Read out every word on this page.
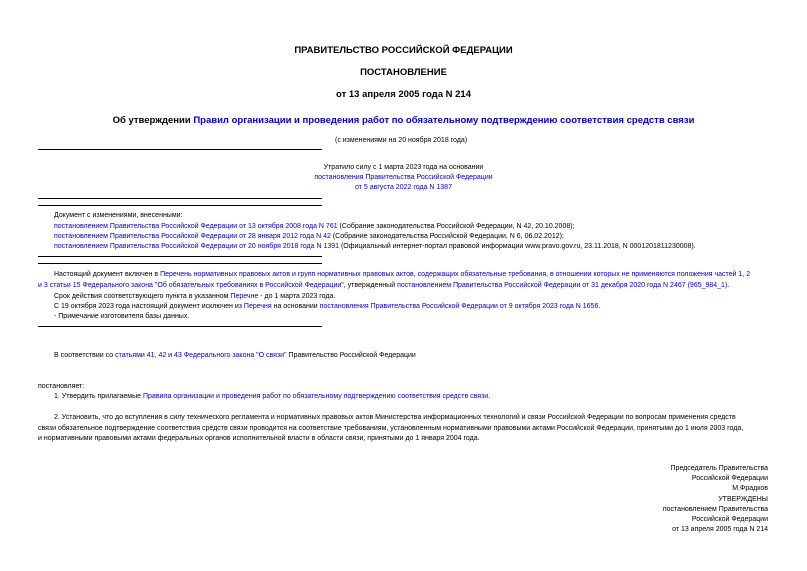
ПРАВИТЕЛЬСТВО РОССИЙСКОЙ ФЕДЕРАЦИИ
ПОСТАНОВЛЕНИЕ
от 13 апреля 2005 года N 214
Об утверждении Правил организации и проведения работ по обязательному подтверждению соответствия средств связи
(с изменениями на 20 ноября 2018 года)
Утратило силу с 1 марта 2023 года на основании
постановления Правительства Российской Федерации
от 5 августа 2022 года N 1387
Документ с изменениями, внесенными:
постановлением Правительства Российской Федерации от 13 октября 2008 года N 761 (Собрание законодательства Российской Федерации, N 42, 20.10.2008);
постановлением Правительства Российской Федерации от 28 января 2012 года N 42 (Собрание законодательства Российской Федерации, N 6, 06.02.2012);
постановлением Правительства Российской Федерации от 20 ноября 2018 года N 1391 (Официальный интернет-портал правовой информации www.pravo.gov.ru, 23.11.2018, N 0001201811230008).
Настоящий документ включен в Перечень нормативных правовых актов и групп нормативных правовых актов, содержащих обязательные требования, в отношении которых не применяются положения частей 1, 2
и 3 статьи 15 Федерального закона "Об обязательных требованиях в Российской Федерации", утвержденный постановлением Правительства Российской Федерации от 31 декабря 2020 года N 2467 (965_984_1).
Срок действия соответствующего пункта в указанном Перечне - до 1 марта 2023 года.
С 19 октября 2023 года настоящий документ исключен из Перечня на основании постановления Правительства Российской Федерации от 9 октября 2023 года N 1656.
- Примечание изготовителя базы данных.
В соответствии со статьями 41, 42 и 43 Федерального закона "О связи" Правительство Российской Федерации
постановляет:
1. Утвердить прилагаемые Правила организации и проведения работ по обязательному подтверждению соответствия средств связи.
2. Установить, что до вступления в силу технического регламента и нормативных правовых актов Министерства информационных технологий и связи Российской Федерации по вопросам применения средств
связи обязательное подтверждение соответствия средств связи проводится на соответствие требованиям, установленным нормативными правовыми актами Российской Федерации, принятыми до 1 июля 2003 года,
и нормативными правовыми актами федеральных органов исполнительной власти в области связи, принятыми до 1 января 2004 года.
Председатель Правительства
Российской Федерации
М.Фрадков
УТВЕРЖДЕНЫ
постановлением Правительства
Российской Федерации
от 13 апреля 2005 года N 214
